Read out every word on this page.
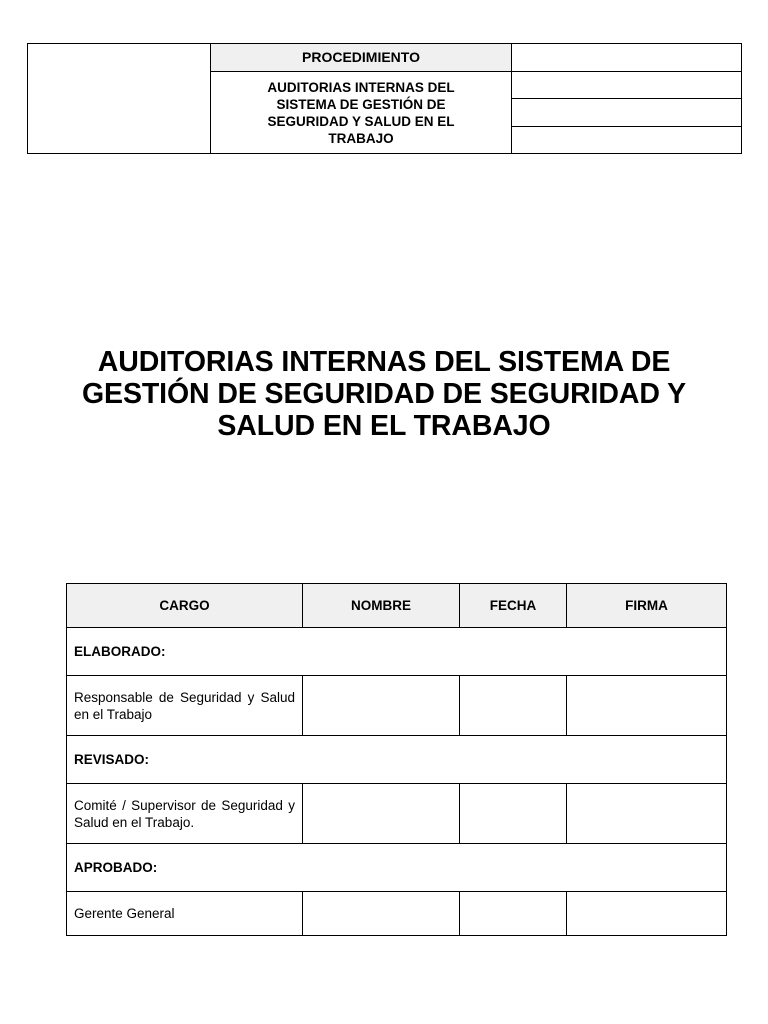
	PROCEDIMIENTO	

	AUDITORIAS INTERNAS DEL
SISTEMA DE GESTIÓN DE
SEGURIDAD Y SALUD EN EL
TRABAJO	

AUDITORIAS INTERNAS DEL SISTEMA DE
GESTIÓN DE SEGURIDAD DE SEGURIDAD Y
SALUD EN EL TRABAJO
CARGO	NOMBRE	FECHA	FIRMA
ELABORADO:			
Responsable de Seguridad y Salud en el Trabajo			
REVISADO:			
Comité / Supervisor de Seguridad y Salud en el Trabajo.			
APROBADO:			
Gerente General			
